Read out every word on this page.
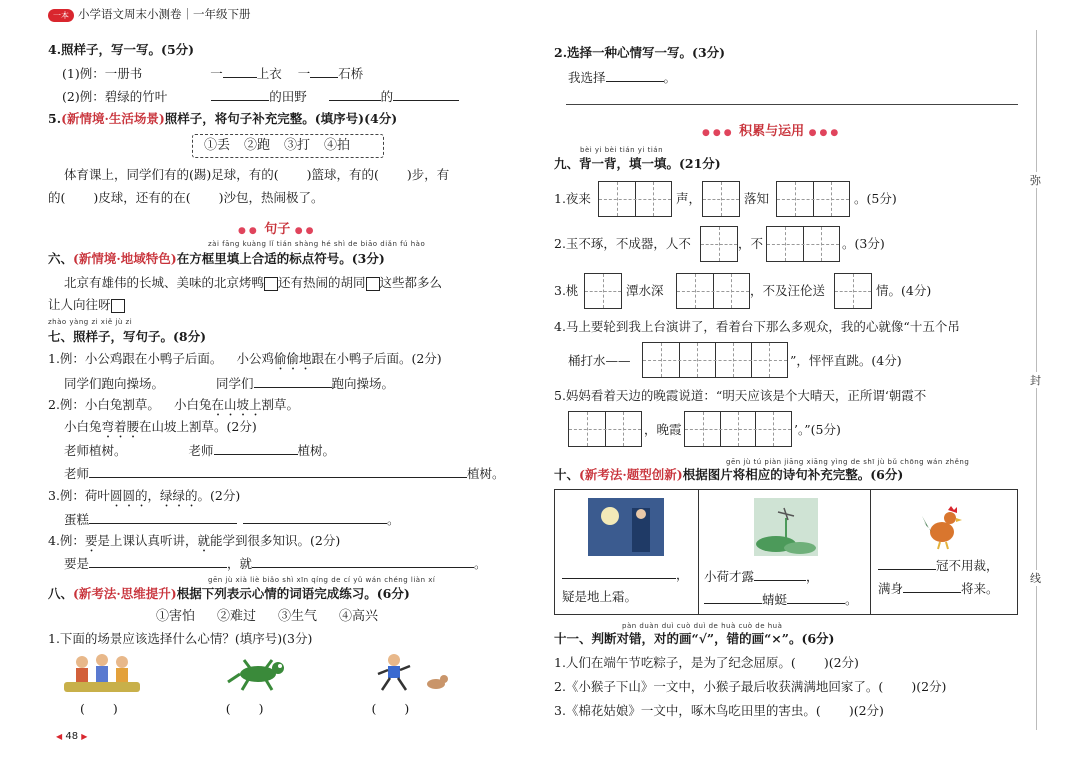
一本 小学语文周末小测卷｜一年级下册
4.照样子，写一写。(5分)
(1)例：一册书	一	上衣 一 石桥
(2)例：碧绿的竹叶	的田野	的
5.(新情境·生活场景)照样子，将句子补充完整。(填序号)(4分)
①丢 ②跑 ③打 ④拍
体育课上，同学们有的(踢)足球，有的( )篮球，有的( )步，有
的( )皮球，还有的在( )沙包，热闹极了。
●● 句子 ●●
zài fāng kuàng lǐ tián shàng hé shì de biāo diǎn fú hào
六、(新情境·地域特色)在方框里填上合适的标点符号。(3分)
北京有雄伟的长城、美味的北京烤鸭 还有热闹的胡同 这些都多么
让人向往呀
zhào yàng zi xiě jù zi
七、照样子，写句子。(8分)
1.例：小公鸡跟在小鸭子后面。 小公鸡偷偷地跟在小鸭子后面。(2分)
同学们跑向操场。	同学们	跑向操场。
2.例：小白兔割草。 小白兔在山坡上割草。
小白兔弯着腰在山坡上割草。(2分)
老师植树。	老师	植树。
老师	植树。
3.例：荷叶圆圆的，绿绿的。(2分)
蛋糕	。
4.例：要是上课认真听讲，就能学到很多知识。(2分)
要是	，就	。
gēn jù xià liè biǎo shì xīn qíng de cí yǔ wán chéng liàn xí
八、(新考法·思维提升)根据下列表示心情的词语完成练习。(6分)
①害怕 ②难过 ③生气 ④高兴
1.下面的场景应该选择什么心情？(填序号)(3分)
( )	( )	( )
◀ 48 ▶
2.选择一种心情写一写。(3分)
我选择	。
●●● 积累与运用 ●●●
bèi yi bèi tián yi tián
九、背一背，填一填。(21分)
1.夜来	声，	落知	。(5分)
2.玉不琢，不成器，人不	，不	。(3分)
3.桃	潭水深	，不及汪伦送	情。(4分)
4.马上要轮到我上台演讲了，看着台下那么多观众，我的心就像“十五个吊
桶打水——	”，怦怦直跳。(4分)
5.妈妈看着天边的晚霞说道：“明天应该是个大晴天，正所谓‘朝霞不
，晚霞	’。”(5分)
gēn jù tú piàn jiāng xiāng yìng de shī jù bǔ chōng wán zhěng
十、(新考法·题型创新)根据图片将相应的诗句补充完整。(6分)
，
疑是地上霜。
小荷才露	，
蜻蜓	。
冠不用裁，
满身	将来。
pàn duàn duì cuò duì de huà cuò de huà
十一、判断对错，对的画“√”，错的画“×”。(6分)
1.人们在端午节吃粽子，是为了纪念屈原。( )(2分)
2.《小猴子下山》一文中，小猴子最后收获满满地回家了。( )(2分)
3.《棉花姑娘》一文中，啄木鸟吃田里的害虫。( )(2分)
弥
封
线
